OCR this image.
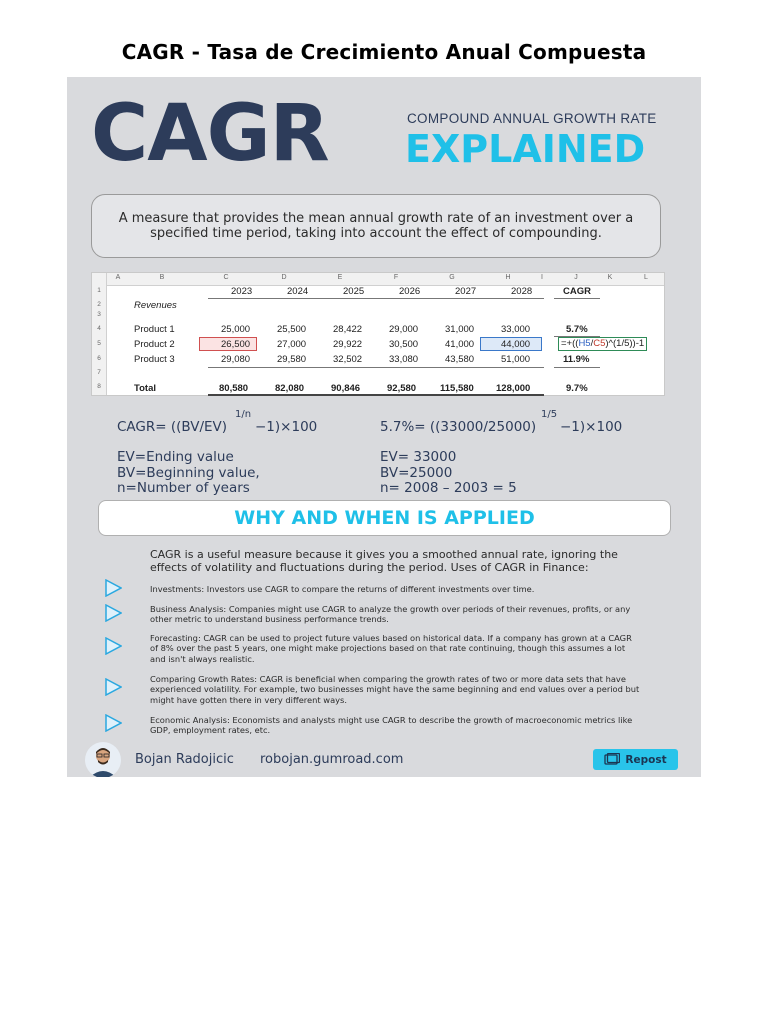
CAGR - Tasa de Crecimiento Anual Compuesta
CAGR	COMPOUND ANNUAL GROWTH RATE
EXPLAINED
A measure that provides the mean annual growth rate of an investment over a specified time period, taking into account the effect of compounding.
A	B	C	D	E	F	G	H	I	J	K	L
1
2
3
4
5
6
7
8
2023	2024	2025	2026	2027	2028	CAGR
Revenues
Product 1	25,000	25,500	28,422	29,000	31,000	33,000	5.7%
Product 2	26,500	27,000	29,922	30,500	41,000	44,000	=+((H5/C5)^(1/5))-1
Product 3	29,080	29,580	32,502	33,080	43,580	51,000	11.9%
Total	80,580	82,080	90,846	92,580	115,580 128,000	9.7%
CAGR= ((BV/EV)
1/n
−1)×100
EV=Ending value
BV=Beginning value,
n=Number of years
5.7%= ((33000/25000)
1/5
−1)×100
EV= 33000
BV=25000
n= 2008 – 2003 = 5
WHY AND WHEN IS APPLIED
CAGR is a useful measure because it gives you a smoothed annual rate, ignoring the effects of volatility and fluctuations during the period. Uses of CAGR in Finance:
Investments: Investors use CAGR to compare the returns of different investments over time.
Business Analysis: Companies might use CAGR to analyze the growth over periods of their revenues, profits, or any other metric to understand business performance trends.
Forecasting: CAGR can be used to project future values based on historical data. If a company has grown at a CAGR of 8% over the past 5 years, one might make projections based on that rate continuing, though this assumes a lot and isn't always realistic.
Comparing Growth Rates: CAGR is beneficial when comparing the growth rates of two or more data sets that have experienced volatility. For example, two businesses might have the same beginning and end values over a period but might have gotten there in very different ways.
Economic Analysis: Economists and analysts might use CAGR to describe the growth of macroeconomic metrics like GDP, employment rates, etc.
Bojan Radojicic robojan.gumroad.com	Repost
